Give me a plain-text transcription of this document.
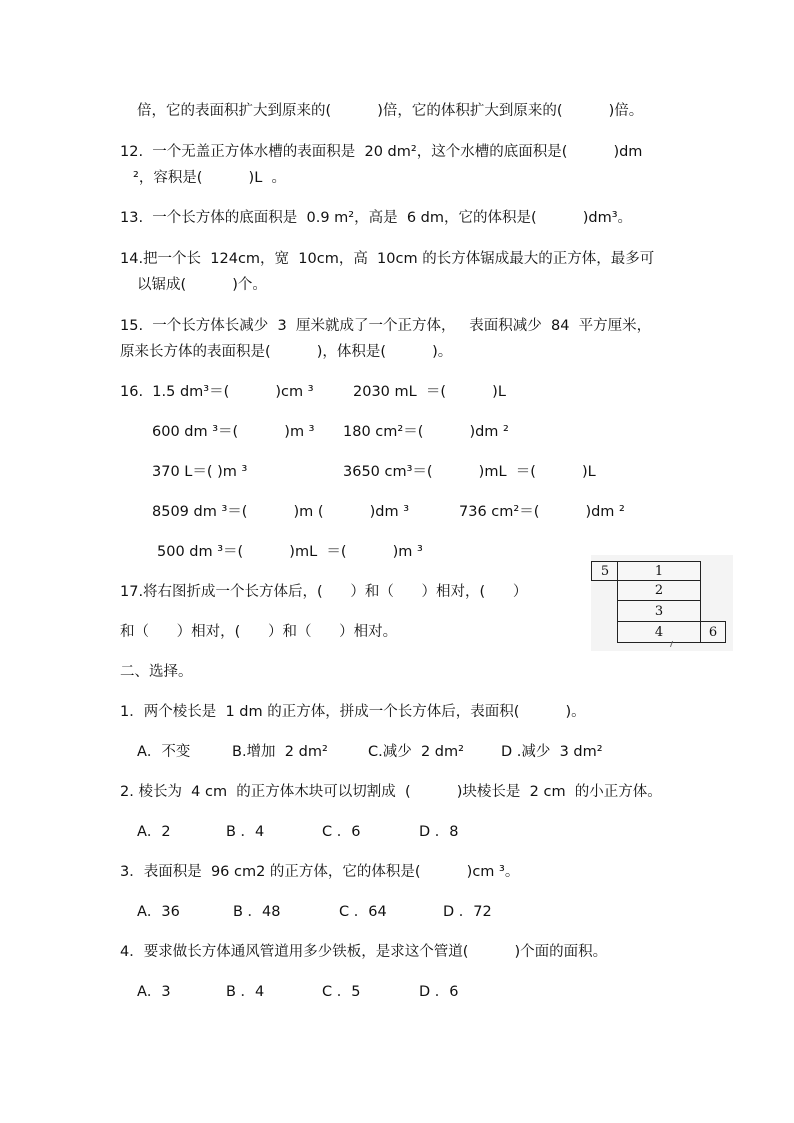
倍，它的表面积扩大到原来的(          )倍，它的体积扩大到原来的(          )倍。
12.  一个无盖正方体水槽的表面积是  20 dm²，这个水槽的底面积是(          )dm
²，容积是(          )L  。
13.  一个长方体的底面积是  0.9 m²，高是  6 dm，它的体积是(          )dm³。
14.把一个长  124cm，宽  10cm，高  10cm 的长方体锯成最大的正方体，最多可
以锯成(          )个。
15.  一个长方体长减少  3  厘米就成了一个正方体，   表面积减少  84  平方厘米，
原来长方体的表面积是(          )，体积是(          )。
16.  1.5 dm³＝(          )cm ³	2030 mL  ＝(          )L
600 dm ³＝(          )m ³ 180 cm²＝(          )dm ²
370 L＝( )m ³	3650 cm³＝(          )mL  ＝(          )L
8509 dm ³＝(          )m (          )dm ³	736 cm²＝(          )dm ²
500 dm ³＝(          )mL  ＝(          )m ³
17.将右图折成一个长方体后，(      ）和（      ）相对，(      ）
和（      ）相对，(      ）和（      ）相对。
5	1
2
3
4	6
二、选择。
1．两个棱长是  1 dm 的正方体，拼成一个长方体后，表面积(          )。
A．不变	B.增加  2 dm²	C.减少  2 dm²	D .减少  3 dm²
2. 棱长为  4 cm  的正方体木块可以切割成  (          )块棱长是  2 cm  的小正方体。
A．2	B ．4	C ．6	D ．8
3．表面积是  96 cm2 的正方体，它的体积是(          )cm ³。
A．36	B ．48	C ．64	D ．72
4．要求做长方体通风管道用多少铁板，是求这个管道(          )个面的面积。
A．3	B ．4	C ．5	D ．6
